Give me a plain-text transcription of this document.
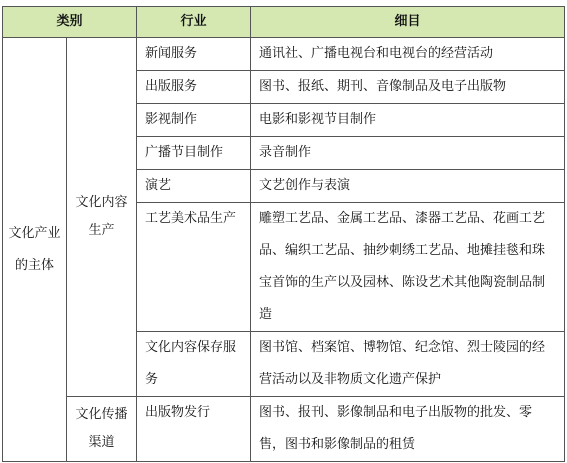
类别		行业	细目
文化产业的主体	文化内容生产	新闻服务	通讯社、广播电视台和电视台的经营活动
		出版服务	图书、报纸、期刊、音像制品及电子出版物
		影视制作	电影和影视节目制作
		广播节目制作	录音制作
		演艺	文艺创作与表演
		工艺美术品生产	雕塑工艺品、金属工艺品、漆器工艺品、花画工艺品、编织工艺品、抽纱刺绣工艺品、地摊挂毯和珠宝首饰的生产以及园林、陈设艺术其他陶瓷制品制造
		文化内容保存服务	图书馆、档案馆、博物馆、纪念馆、烈士陵园的经营活动以及非物质文化遗产保护
	文化传播渠道	出版物发行	图书、报刊、影像制品和电子出版物的批发、零售，图书和影像制品的租赁
